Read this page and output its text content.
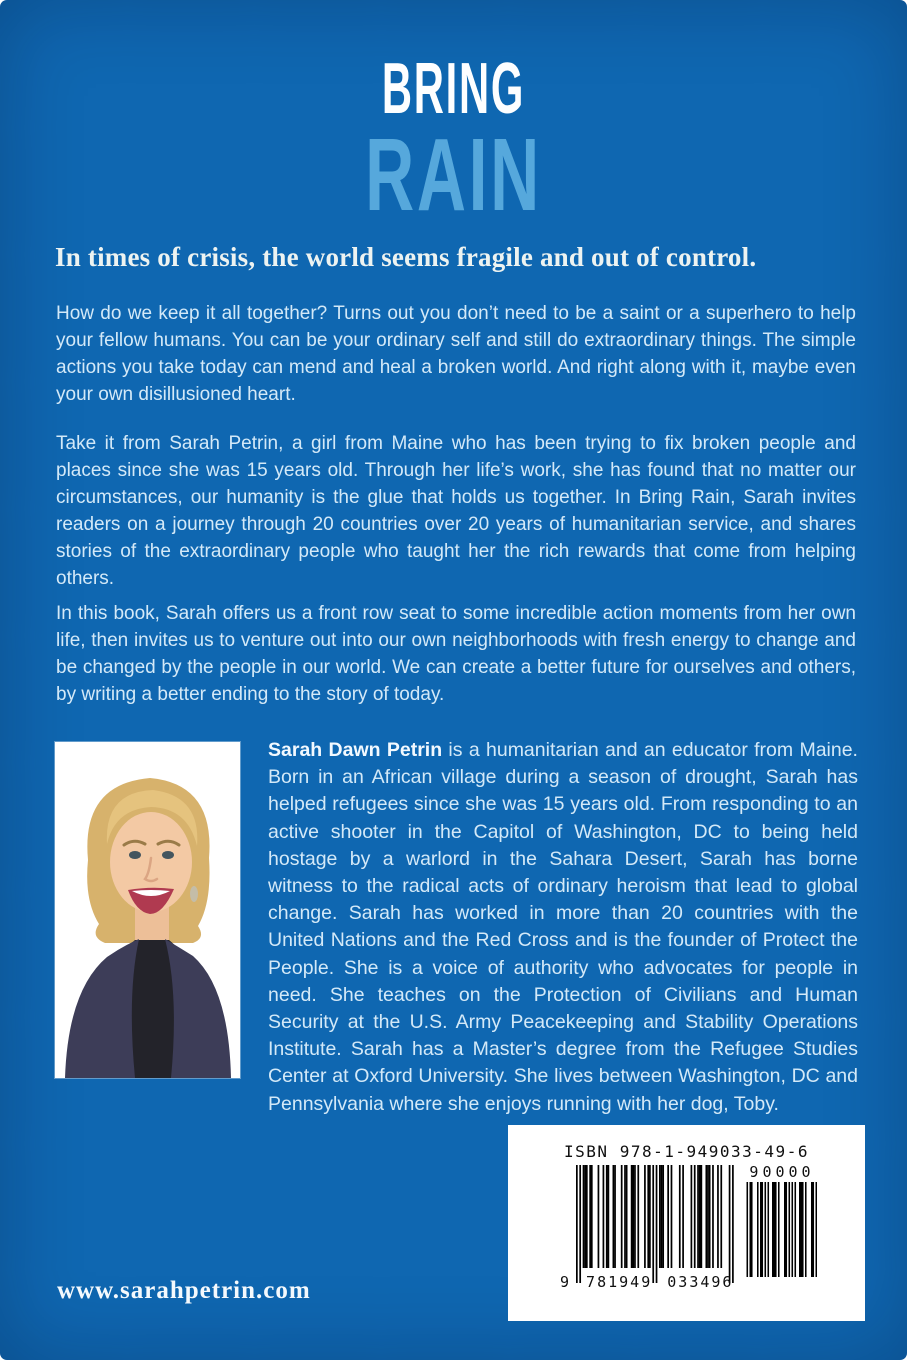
BRING
RAIN
In times of crisis, the world seems fragile and out of control.

How do we keep it all together? Turns out you don’t need to be a saint or a superhero to help your fellow humans. You can be your ordinary self and still do extraordinary things. The simple actions you take today can mend and heal a broken world. And right along with it, maybe even your own disillusioned heart.

Take it from Sarah Petrin, a girl from Maine who has been trying to fix broken people and places since she was 15 years old. Through her life’s work, she has found that no matter our circumstances, our humanity is the glue that holds us together. In Bring Rain, Sarah invites readers on a journey through 20 countries over 20 years of humanitarian service, and shares stories of the extraordinary people who taught her the rich rewards that come from helping others.

In this book, Sarah offers us a front row seat to some incredible action moments from her own life, then invites us to venture out into our own neighborhoods with fresh energy to change and be changed by the people in our world. We can create a better future for ourselves and others, by writing a better ending to the story of today.

Sarah Dawn Petrin is a humanitarian and an educator from Maine. Born in an African village during a season of drought, Sarah has helped refugees since she was 15 years old. From responding to an active shooter in the Capitol of Washington, DC to being held hostage by a warlord in the Sahara Desert, Sarah has borne witness to the radical acts of ordinary heroism that lead to global change. Sarah has worked in more than 20 countries with the United Nations and the Red Cross and is the founder of Protect the People. She is a voice of authority who advocates for people in need. She teaches on the Protection of Civilians and Human Security at the U.S. Army Peacekeeping and Stability Operations Institute. Sarah has a Master’s degree from the Refugee Studies Center at Oxford University. She lives between Washington, DC and Pennsylvania where she enjoys running with her dog, Toby.

www.sarahpetrin.com
ISBN 978-1-949033-49-6
9 781949 033496
90000
